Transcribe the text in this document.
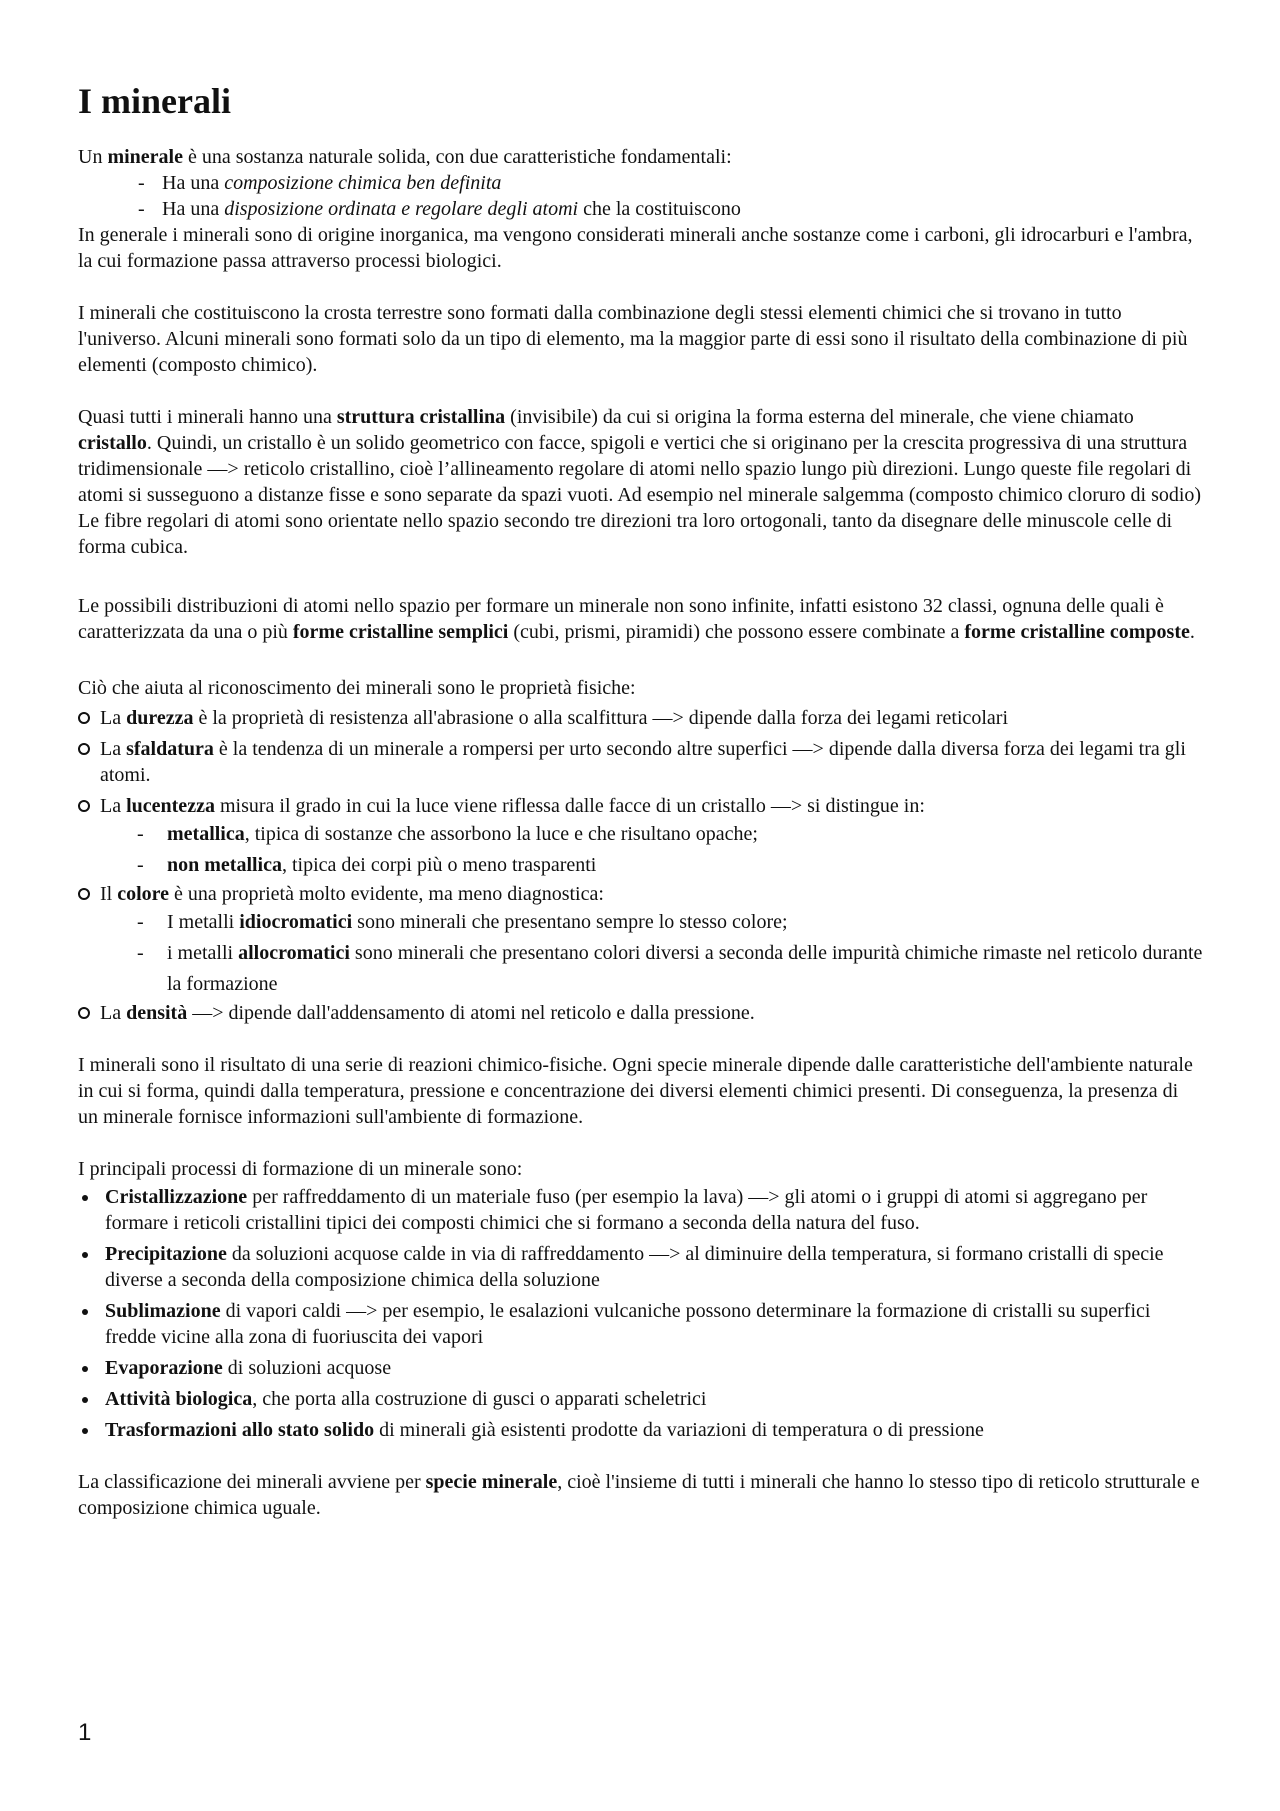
I minerali

Un minerale è una sostanza naturale solida, con due caratteristiche fondamentali:

- Ha una composizione chimica ben definita

- Ha una disposizione ordinata e regolare degli atomi che la costituiscono

In generale i minerali sono di origine inorganica, ma vengono considerati minerali anche sostanze come i carboni, gli idrocarburi e l'ambra, la cui formazione passa attraverso processi biologici.

I minerali che costituiscono la crosta terrestre sono formati dalla combinazione degli stessi elementi chimici che si trovano in tutto l'universo. Alcuni minerali sono formati solo da un tipo di elemento, ma la maggior parte di essi sono il risultato della combinazione di più elementi (composto chimico).

Quasi tutti i minerali hanno una struttura cristallina (invisibile) da cui si origina la forma esterna del minerale, che viene chiamato cristallo. Quindi, un cristallo è un solido geometrico con facce, spigoli e vertici che si originano per la crescita progressiva di una struttura tridimensionale —> reticolo cristallino, cioè l’allineamento regolare di atomi nello spazio lungo più direzioni. Lungo queste file regolari di atomi si susseguono a distanze fisse e sono separate da spazi vuoti. Ad esempio nel minerale salgemma (composto chimico cloruro di sodio) Le fibre regolari di atomi sono orientate nello spazio secondo tre direzioni tra loro ortogonali, tanto da disegnare delle minuscole celle di forma cubica.

Le possibili distribuzioni di atomi nello spazio per formare un minerale non sono infinite, infatti esistono 32 classi, ognuna delle quali è caratterizzata da una o più forme cristalline semplici (cubi, prismi, piramidi) che possono essere combinate a forme cristalline composte.

Ciò che aiuta al riconoscimento dei minerali sono le proprietà fisiche:

La durezza è la proprietà di resistenza all'abrasione o alla scalfittura —> dipende dalla forza dei legami reticolari

La sfaldatura è la tendenza di un minerale a rompersi per urto secondo altre superfici —> dipende dalla diversa forza dei legami tra gli atomi.

La lucentezza misura il grado in cui la luce viene riflessa dalle facce di un cristallo —> si distingue in:

- metallica, tipica di sostanze che assorbono la luce e che risultano opache;

- non metallica, tipica dei corpi più o meno trasparenti

Il colore è una proprietà molto evidente, ma meno diagnostica:

- I metalli idiocromatici sono minerali che presentano sempre lo stesso colore;

- i metalli allocromatici sono minerali che presentano colori diversi a seconda delle impurità chimiche rimaste nel reticolo durante la formazione

La densità —> dipende dall'addensamento di atomi nel reticolo e dalla pressione.

I minerali sono il risultato di una serie di reazioni chimico-fisiche. Ogni specie minerale dipende dalle caratteristiche dell'ambiente naturale in cui si forma, quindi dalla temperatura, pressione e concentrazione dei diversi elementi chimici presenti. Di conseguenza, la presenza di un minerale fornisce informazioni sull'ambiente di formazione.

I principali processi di formazione di un minerale sono:

Cristallizzazione per raffreddamento di un materiale fuso (per esempio la lava) —> gli atomi o i gruppi di atomi si aggregano per formare i reticoli cristallini tipici dei composti chimici che si formano a seconda della natura del fuso.

Precipitazione da soluzioni acquose calde in via di raffreddamento —> al diminuire della temperatura, si formano cristalli di specie diverse a seconda della composizione chimica della soluzione

Sublimazione di vapori caldi —> per esempio, le esalazioni vulcaniche possono determinare la formazione di cristalli su superfici fredde vicine alla zona di fuoriuscita dei vapori

Evaporazione di soluzioni acquose

Attività biologica, che porta alla costruzione di gusci o apparati scheletrici

Trasformazioni allo stato solido di minerali già esistenti prodotte da variazioni di temperatura o di pressione

La classificazione dei minerali avviene per specie minerale, cioè l'insieme di tutti i minerali che hanno lo stesso tipo di reticolo strutturale e composizione chimica uguale.

1
